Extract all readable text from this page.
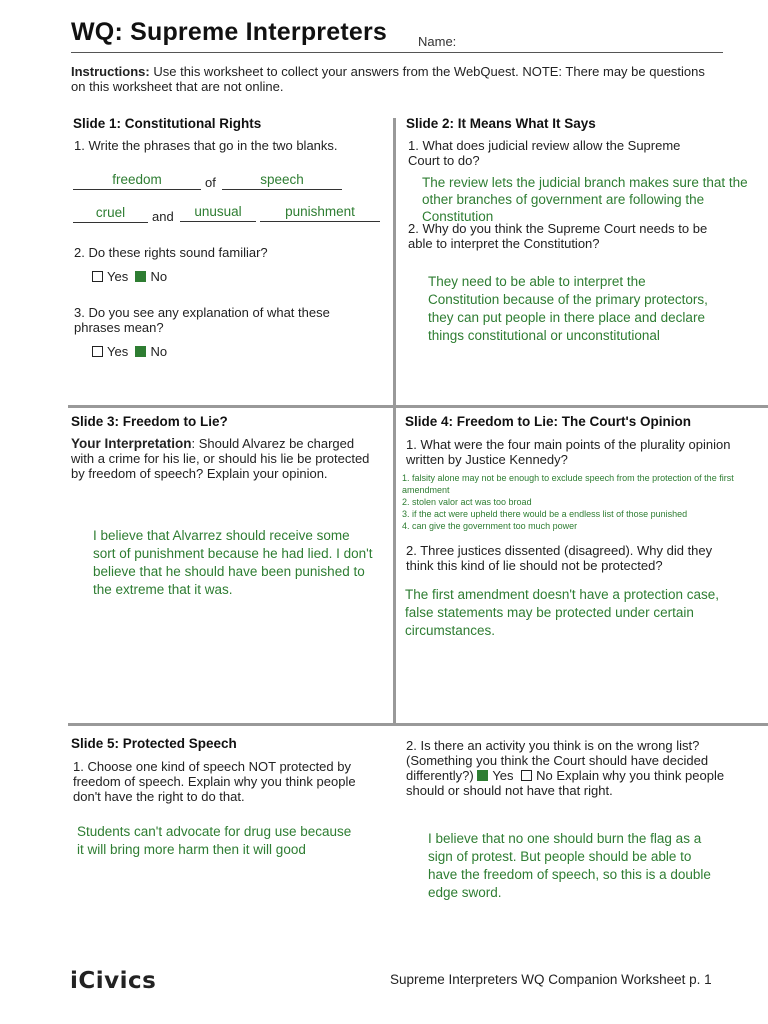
WQ: Supreme Interpreters Name:
Instructions: Use this worksheet to collect your answers from the WebQuest. NOTE: There may be questions on this worksheet that are not online.
Slide 1: Constitutional Rights
1. Write the phrases that go in the two blanks.
freedom	of	speech
cruel	and	unusual	punishment
2. Do these rights sound familiar?
Yes No
3. Do you see any explanation of what these phrases mean?
Yes No
Slide 2: It Means What It Says
1. What does judicial review allow the Supreme Court to do?
The review lets the judicial branch makes sure that the other branches of government are following the Constitution
2. Why do you think the Supreme Court needs to be able to interpret the Constitution?
They need to be able to interpret the Constitution because of the primary protectors, they can put people in there place and declare things constitutional or unconstitutional
Slide 3: Freedom to Lie?
Your Interpretation: Should Alvarez be charged with a crime for his lie, or should his lie be protected by freedom of speech? Explain your opinion.
I believe that Alvarrez should receive some sort of punishment because he had lied. I don't believe that he should have been punished to the extreme that it was.
Slide 4: Freedom to Lie: The Court's Opinion
1. What were the four main points of the plurality opinion written by Justice Kennedy?
1. falsity alone may not be enough to exclude speech from the protection of the first amendment
2. stolen valor act was too broad
3. if the act were upheld there would be a endless list of those punished
4. can give the government too much power
2. Three justices dissented (disagreed). Why did they think this kind of lie should not be protected?
The first amendment doesn't have a protection case, false statements may be protected under certain circumstances.
Slide 5: Protected Speech
1. Choose one kind of speech NOT protected by freedom of speech. Explain why you think people don't have the right to do that.
Students can't advocate for drug use because it will bring more harm then it will good
2. Is there an activity you think is on the wrong list? (Something you think the Court should have decided differently?) Yes No Explain why you think people should or should not have that right.
I believe that no one should burn the flag as a sign of protest. But people should be able to have the freedom of speech, so this is a double edge sword.
iCivics	Supreme Interpreters WQ Companion Worksheet p. 1
